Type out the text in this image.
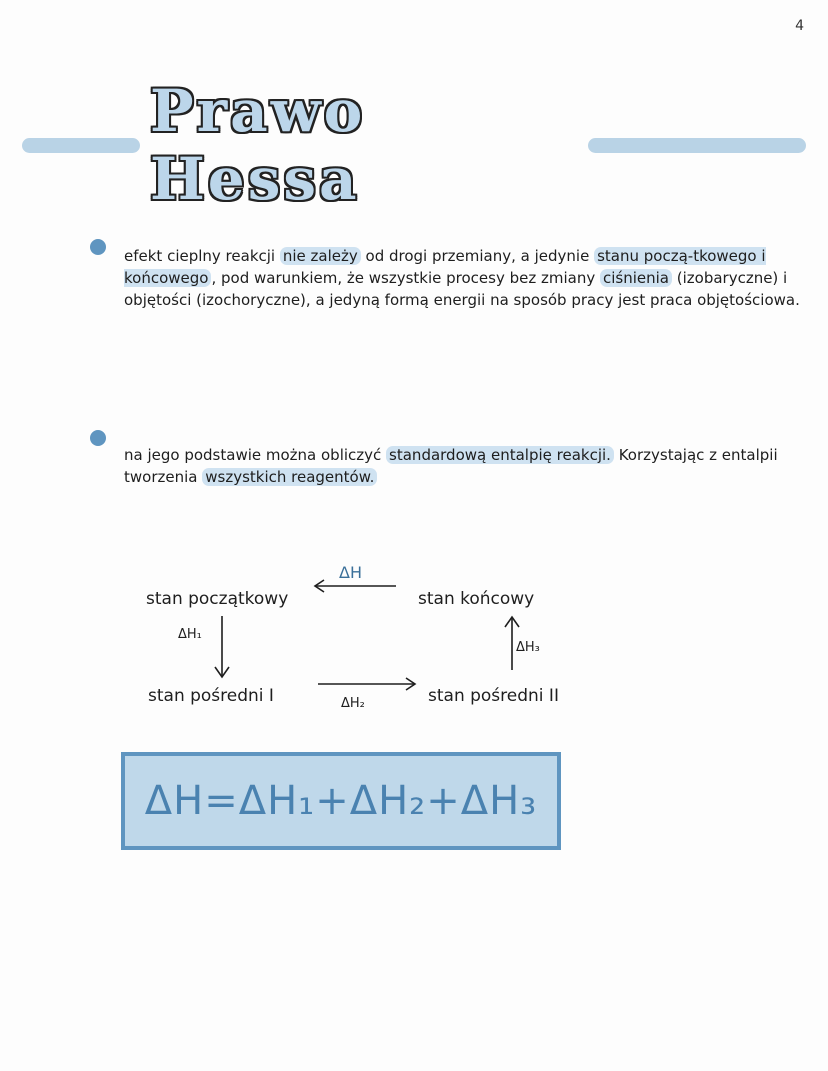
4
Prawo Hessa
efekt cieplny reakcji nie zależy od drogi przemiany, a jedynie stanu począ-tkowego i końcowego , pod warunkiem, że wszystkie procesy bez zmiany ciśnienia (izobaryczne) i objętości (izochoryczne), a jedyną formą energii na sposób pracy jest praca objętościowa.
na jego podstawie można obliczyć standardową entalpię reakcji. Korzystając z entalpii tworzenia wszystkich reagentów.
stan początkowy	stan końcowy
stan pośredni I	stan pośredni II
ΔH
ΔH₁
ΔH₂
ΔH₃
ΔH=ΔH₁+ΔH₂+ΔH₃
